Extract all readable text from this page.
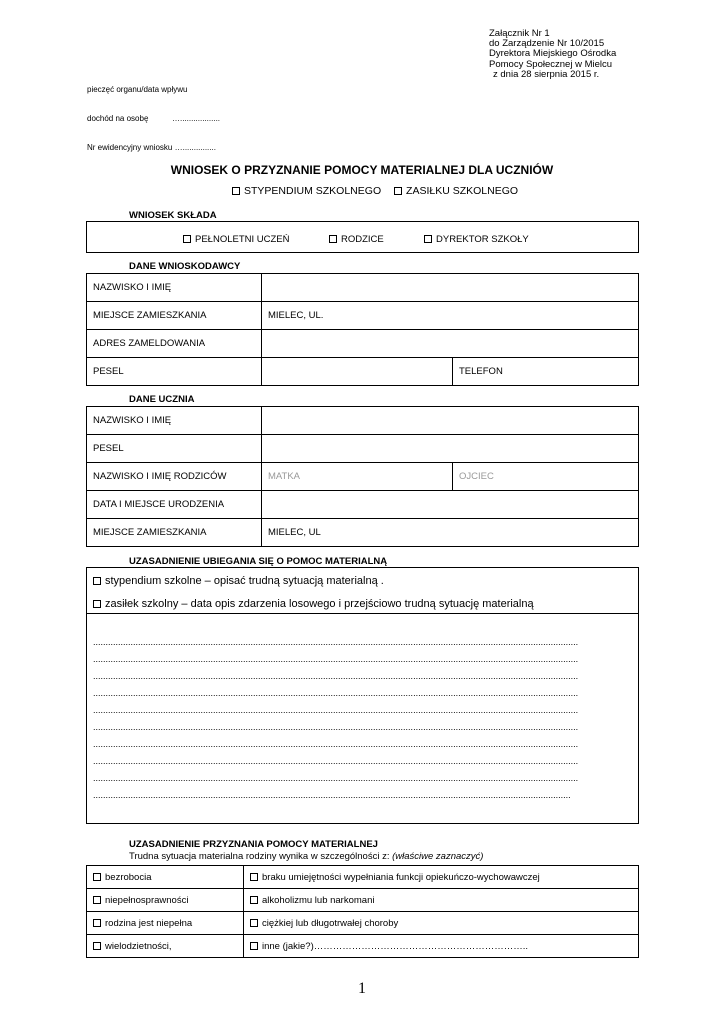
Załącznik Nr 1
do Zarządzenie Nr 10/2015
Dyrektora Miejskiego Ośrodka
Pomocy Społecznej w Mielcu
z dnia 28 sierpnia 2015 r.
pieczęć organu/data wpływu
dochód na osobę	…..................
Nr ewidencyjny wniosku …...............
WNIOSEK O PRZYZNANIE POMOCY MATERIALNEJ DLA UCZNIÓW
STYPENDIUM SZKOLNEGO ZASIŁKU SZKOLNEGO
WNIOSEK SKŁADA
PEŁNOLETNI UCZEŃ	RODZICE	DYREKTOR SZKOŁY
DANE WNIOSKODAWCY
NAZWISKO I IMIĘ		
MIEJSCE ZAMIESZKANIA	MIELEC, UL.	
ADRES ZAMELDOWANIA		
PESEL		TELEFON
DANE UCZNIA
NAZWISKO I IMIĘ		
PESEL		
NAZWISKO I IMIĘ RODZICÓW	MATKA	OJCIEC
DATA I MIEJSCE URODZENIA		
MIEJSCE ZAMIESZKANIA	MIELEC, UL	
UZASADNIENIE UBIEGANIA SIĘ O POMOC MATERIALNĄ
stypendium szkolne – opisać trudną sytuacją materialną .
zasiłek szkolny – data opis zdarzenia losowego i przejściowo trudną sytuację materialną
..................................................................................................................................................................................................
..................................................................................................................................................................................................
..................................................................................................................................................................................................
..................................................................................................................................................................................................
..................................................................................................................................................................................................
..................................................................................................................................................................................................
..................................................................................................................................................................................................
..................................................................................................................................................................................................
..................................................................................................................................................................................................
...............................................................................................................................................................................................
UZASADNIENIE PRZYZNANIA POMOCY MATERIALNEJ
Trudna sytuacja materialna rodziny wynika w szczególności z: (właściwe zaznaczyć)
bezrobocia	braku umiejętności wypełniania funkcji opiekuńczo-wychowawczej
niepełnosprawności	alkoholizmu lub narkomani
rodzina jest niepełna	ciężkiej lub długotrwałej choroby
wielodzietności,	inne (jakie?)…………………………………………………………..
1
